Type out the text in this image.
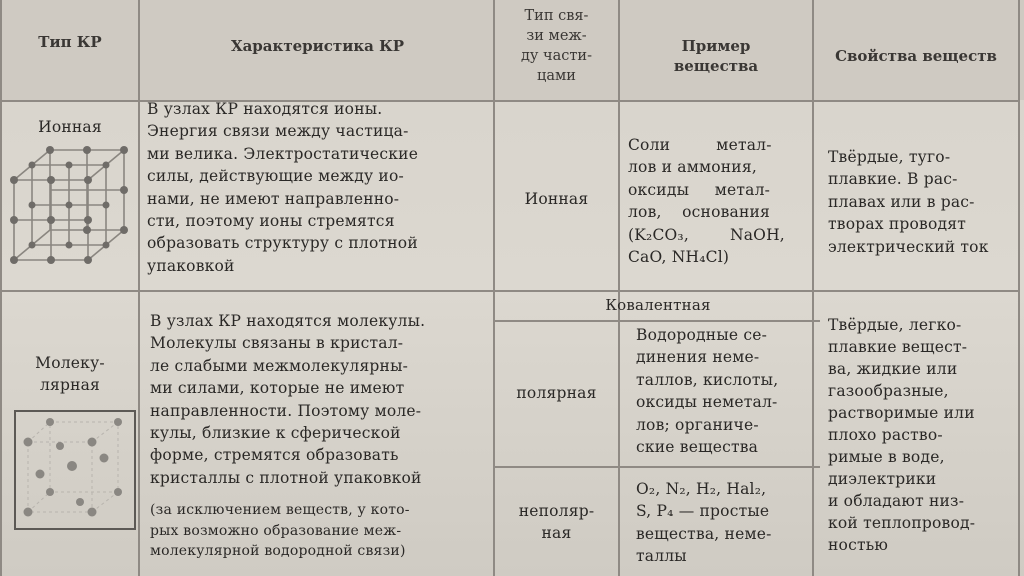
Тип КР	Характеристика КР
Тип свя-
зи меж-
ду части-
цами
Пример
вещества
Свойства веществ
Ионная
В узлах КР находятся ионы.
Энергия связи между частица-
ми велика. Электростатические
силы, действующие между ио-
нами, не имеют направленно-
сти, поэтому ионы стремятся
образовать структуру с плотной
упаковкой
Ионная
Соли         метал-
лов и аммония,
оксиды     метал-
лов,    основания
(K₂CO₃,        NaOH,
CaO, NH₄Cl)
Твёрдые, туго-
плавкие. В рас-
плавах или в рас-
творах проводят
электрический ток
Молеку-
лярная
В узлах КР находятся молекулы.
Молекулы связаны в кристал-
ле слабыми межмолекулярны-
ми силами, которые не имеют
направленности. Поэтому моле-
кулы, близкие к сферической
форме, стремятся образовать
кристаллы с плотной упаковкой
(за исключением веществ, у кото-
рых возможно образование меж-
молекулярной водородной связи)
Ковалентная
полярная
неполяр-
ная
Водородные се-
динения неме-
таллов, кислоты,
оксиды неметал-
лов; органиче-
ские вещества
O₂, N₂, H₂, Hal₂,
S, P₄ — простые
вещества, неме-
таллы
Твёрдые, легко-
плавкие вещест-
ва, жидкие или
газообразные,
растворимые или
плохо раство-
римые в воде,
диэлектрики
и обладают низ-
кой теплопровод-
ностью
